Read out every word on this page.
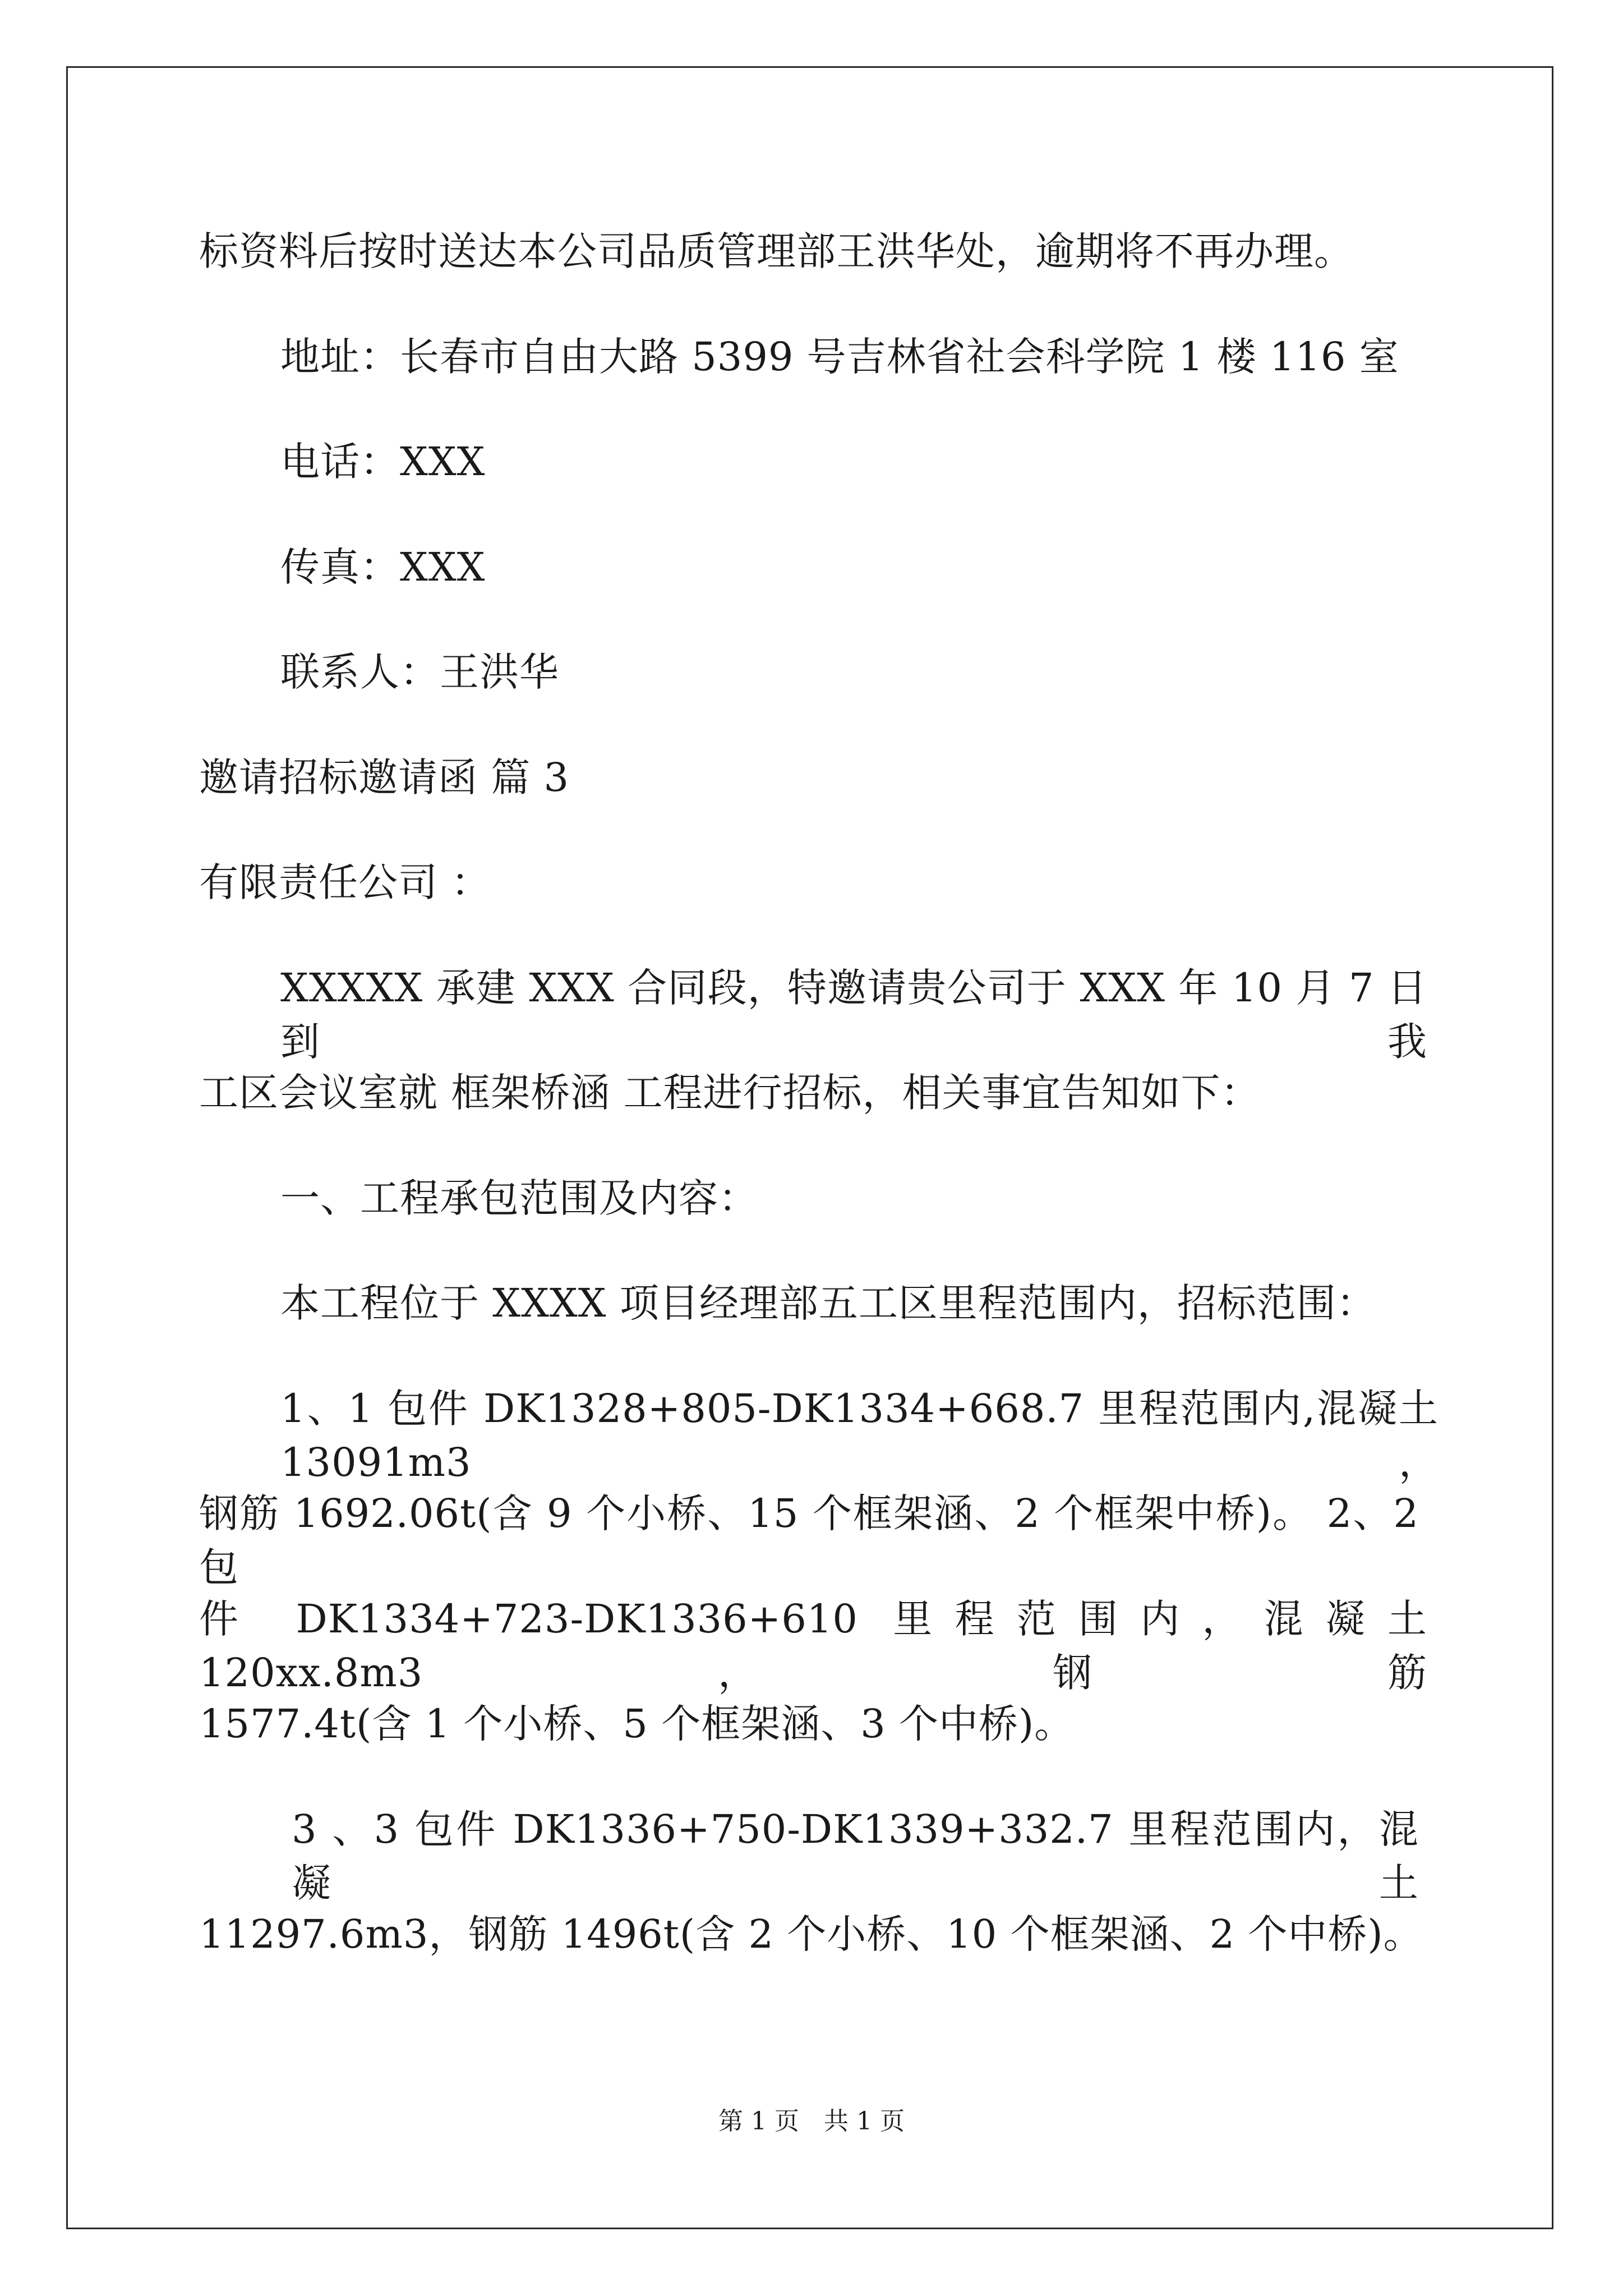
标资料后按时送达本公司品质管理部王洪华处，逾期将不再办理。
地址：长春市自由大路 5399 号吉林省社会科学院 1 楼 116 室
电话：XXX
传真：XXX
联系人：王洪华
邀请招标邀请函 篇 3
有限责任公司 ：
XXXXX 承建 XXX 合同段，特邀请贵公司于 XXX 年 10 月 7 日 到我
工区会议室就 框架桥涵 工程进行招标，相关事宜告知如下：
一、工程承包范围及内容：
本工程位于 XXXX 项目经理部五工区里程范围内，招标范围：
1、1 包件 DK1328+805-DK1334+668.7 里程范围内,混凝土 13091m3，
钢筋 1692.06t(含 9 个小桥、15 个框架涵、2 个框架中桥)。 2、2 包
件 DK1334+723-DK1336+610 里程范围内，混凝土 120xx.8m3，钢筋
1577.4t(含 1 个小桥、5 个框架涵、3 个中桥)。
3 、3 包件 DK1336+750-DK1339+332.7 里程范围内，混凝土
11297.6m3，钢筋 1496t(含 2 个小桥、10 个框架涵、2 个中桥)。
第 1 页　共 1 页
